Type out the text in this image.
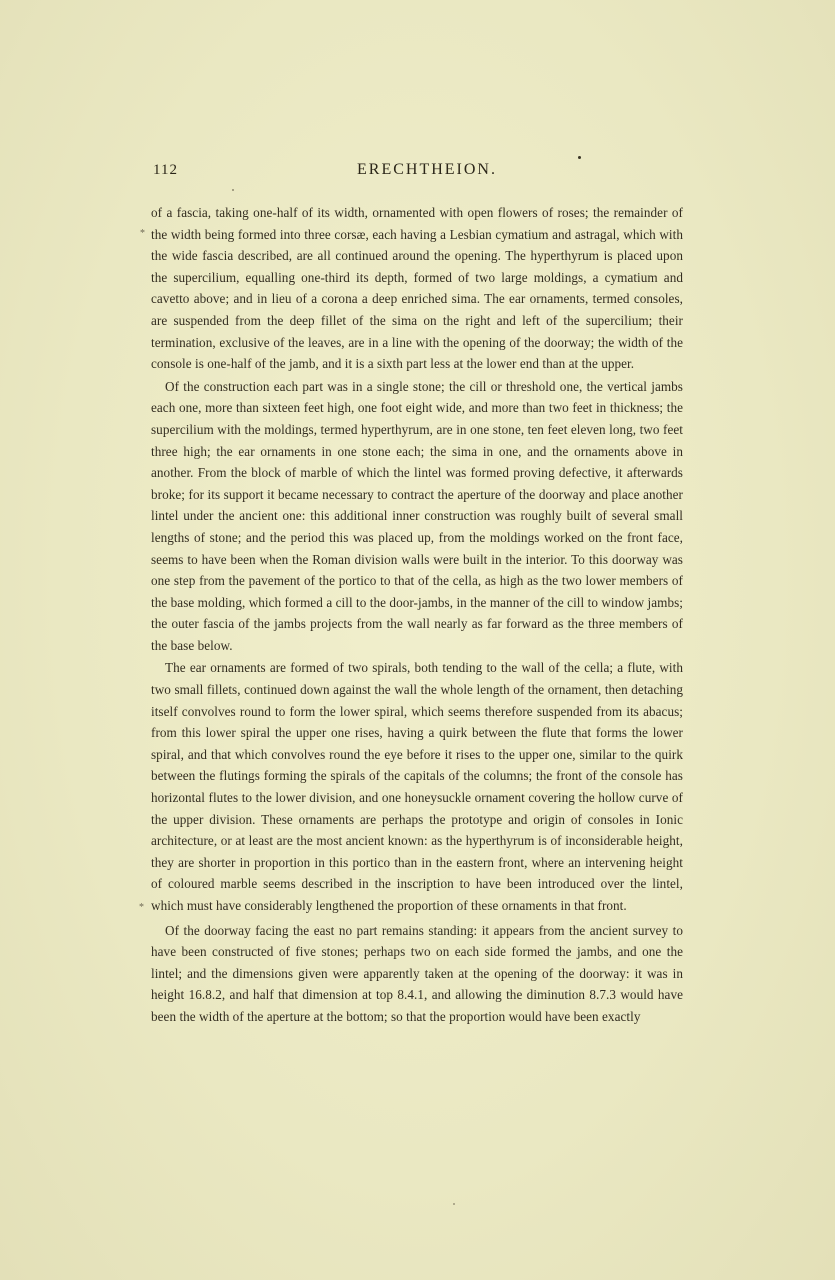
112	ERECHTHEION.
*
*

of a fascia, taking one-half of its width, ornamented with open flowers of roses; the remainder of the width being formed into three corsæ, each having a Lesbian cymatium and astragal, which with the wide fascia described, are all continued around the opening. The hyperthyrum is placed upon the supercilium, equalling one-third its depth, formed of two large moldings, a cymatium and cavetto above; and in lieu of a corona a deep enriched sima. The ear ornaments, termed consoles, are suspended from the deep fillet of the sima on the right and left of the supercilium; their termination, exclusive of the leaves, are in a line with the opening of the doorway; the width of the console is one-half of the jamb, and it is a sixth part less at the lower end than at the upper.

Of the construction each part was in a single stone; the cill or threshold one, the vertical jambs each one, more than sixteen feet high, one foot eight wide, and more than two feet in thickness; the supercilium with the moldings, termed hyperthyrum, are in one stone, ten feet eleven long, two feet three high; the ear ornaments in one stone each; the sima in one, and the ornaments above in another. From the block of marble of which the lintel was formed proving defective, it afterwards broke; for its support it became necessary to contract the aperture of the doorway and place another lintel under the ancient one: this additional inner construction was roughly built of several small lengths of stone; and the period this was placed up, from the moldings worked on the front face, seems to have been when the Roman division walls were built in the interior. To this doorway was one step from the pavement of the portico to that of the cella, as high as the two lower members of the base molding, which formed a cill to the door-jambs, in the manner of the cill to window jambs; the outer fascia of the jambs projects from the wall nearly as far forward as the three members of the base below.

The ear ornaments are formed of two spirals, both tending to the wall of the cella; a flute, with two small fillets, continued down against the wall the whole length of the ornament, then detaching itself convolves round to form the lower spiral, which seems therefore suspended from its abacus; from this lower spiral the upper one rises, having a quirk between the flute that forms the lower spiral, and that which convolves round the eye before it rises to the upper one, similar to the quirk between the flutings forming the spirals of the capitals of the columns; the front of the console has horizontal flutes to the lower division, and one honeysuckle ornament covering the hollow curve of the upper division. These ornaments are perhaps the prototype and origin of consoles in Ionic architecture, or at least are the most ancient known: as the hyperthyrum is of inconsiderable height, they are shorter in proportion in this portico than in the eastern front, where an intervening height of coloured marble seems described in the inscription to have been introduced over the lintel, which must have considerably lengthened the proportion of these ornaments in that front.

Of the doorway facing the east no part remains standing: it appears from the ancient survey to have been constructed of five stones; perhaps two on each side formed the jambs, and one the lintel; and the dimensions given were apparently taken at the opening of the doorway: it was in height 16.8.2, and half that dimension at top 8.4.1, and allowing the diminution 8.7.3 would have been the width of the aperture at the bottom; so that the proportion would have been exactly
